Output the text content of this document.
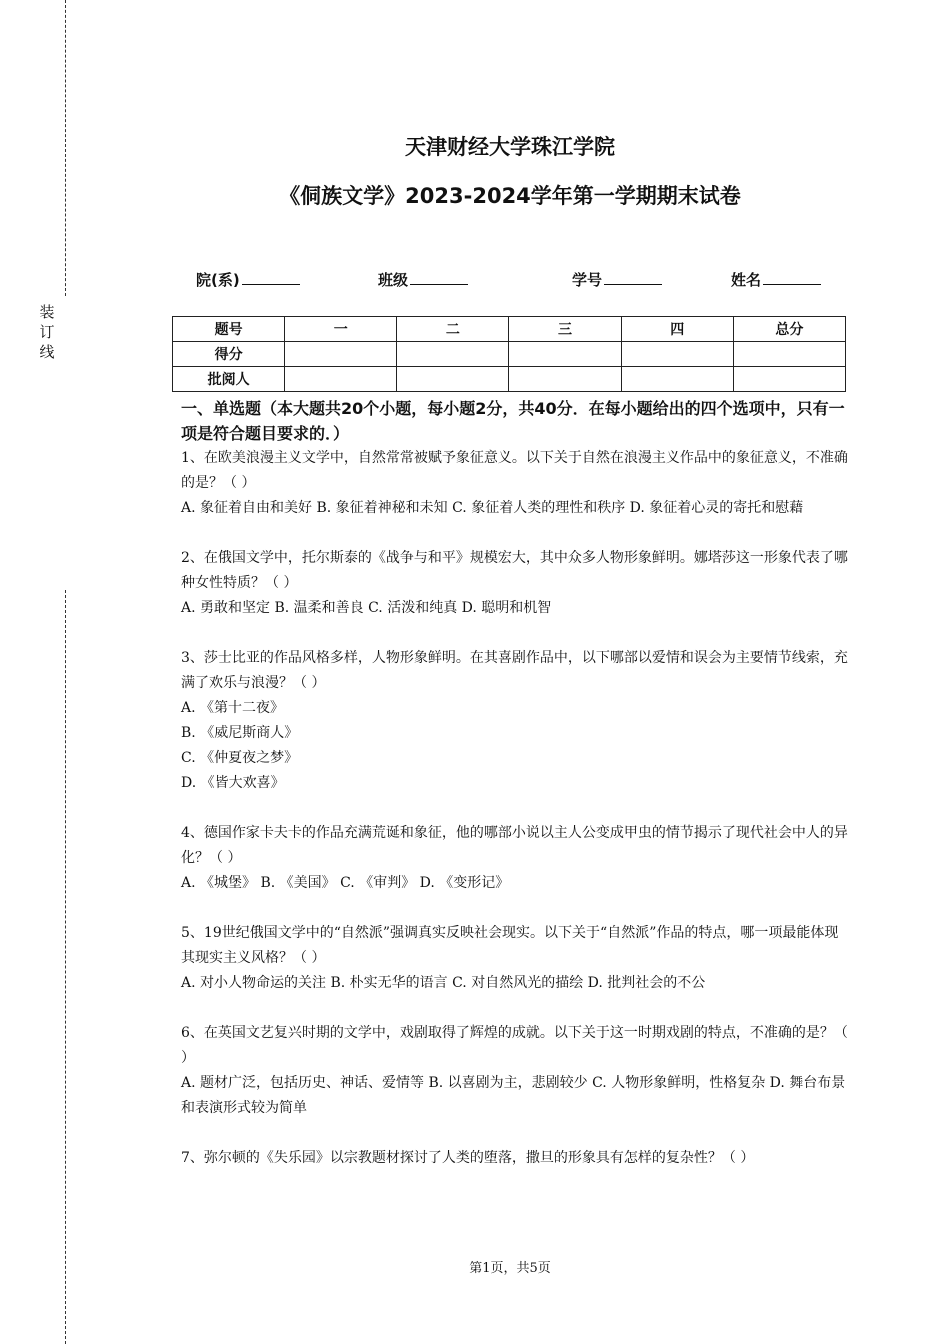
装
订
线
天津财经大学珠江学院
《侗族文学》2023-2024学年第一学期期末试卷
院(系)	班级	学号	姓名
题号	一	二	三	四	总分
得分					
批阅人					

一、单选题（本大题共20个小题，每小题2分，共40分．在每小题给出的四个选项中，只有一项是符合题目要求的．）

1、在欧美浪漫主义文学中，自然常常被赋予象征意义。以下关于自然在浪漫主义作品中的象征意义，不准确的是？（ ）

A. 象征着自由和美好 B. 象征着神秘和未知 C. 象征着人类的理性和秩序 D. 象征着心灵的寄托和慰藉

2、在俄国文学中，托尔斯泰的《战争与和平》规模宏大，其中众多人物形象鲜明。娜塔莎这一形象代表了哪种女性特质？（ ）

A. 勇敢和坚定 B. 温柔和善良 C. 活泼和纯真 D. 聪明和机智

3、莎士比亚的作品风格多样，人物形象鲜明。在其喜剧作品中，以下哪部以爱情和误会为主要情节线索，充满了欢乐与浪漫？（ ）

A. 《第十二夜》

B. 《威尼斯商人》

C. 《仲夏夜之梦》

D. 《皆大欢喜》

4、德国作家卡夫卡的作品充满荒诞和象征，他的哪部小说以主人公变成甲虫的情节揭示了现代社会中人的异化？（ ）

A. 《城堡》 B. 《美国》 C. 《审判》 D. 《变形记》

5、19世纪俄国文学中的“自然派”强调真实反映社会现实。以下关于“自然派”作品的特点，哪一项最能体现其现实主义风格？（ ）

A. 对小人物命运的关注 B. 朴实无华的语言 C. 对自然风光的描绘 D. 批判社会的不公

6、在英国文艺复兴时期的文学中，戏剧取得了辉煌的成就。以下关于这一时期戏剧的特点，不准确的是？（ ）

A. 题材广泛，包括历史、神话、爱情等 B. 以喜剧为主，悲剧较少 C. 人物形象鲜明，性格复杂 D. 舞台布景和表演形式较为简单

7、弥尔顿的《失乐园》以宗教题材探讨了人类的堕落，撒旦的形象具有怎样的复杂性？（ ）

第1页，共5页
